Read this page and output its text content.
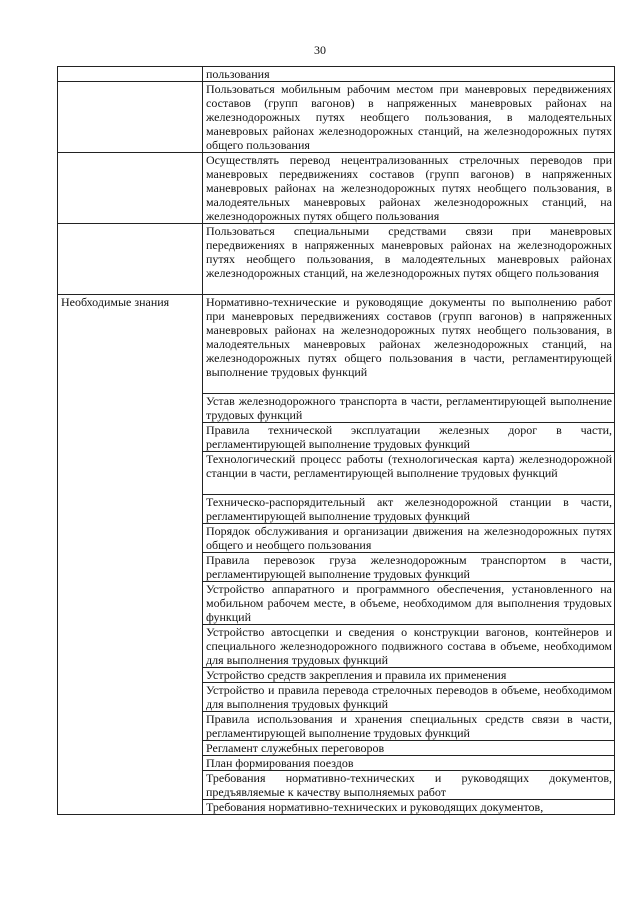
30
	пользования
	Пользоваться мобильным рабочим местом при маневровых передвижениях составов (групп вагонов) в напряженных маневровых районах на железнодорожных путях необщего пользования, в малодеятельных маневровых районах железнодорожных станций, на железнодорожных путях общего пользования
	Осуществлять перевод нецентрализованных стрелочных переводов при маневровых передвижениях составов (групп вагонов) в напряженных маневровых районах на железнодорожных путях необщего пользования, в малодеятельных маневровых районах железнодорожных станций, на железнодорожных путях общего пользования
	Пользоваться специальными средствами связи при маневровых передвижениях в напряженных маневровых районах на железнодорожных путях необщего пользования, в малодеятельных маневровых районах железнодорожных станций, на железнодорожных путях общего пользования
Необходимые знания	Нормативно-технические и руководящие документы по выполнению работ при маневровых передвижениях составов (групп вагонов) в напряженных маневровых районах на железнодорожных путях необщего пользования, в малодеятельных маневровых районах железнодорожных станций, на железнодорожных путях общего пользования в части, регламентирующей выполнение трудовых функций
	Устав железнодорожного транспорта в части, регламентирующей выполнение трудовых функций
	Правила технической эксплуатации железных дорог в части, регламентирующей выполнение трудовых функций
	Технологический процесс работы (технологическая карта) железнодорожной станции в части, регламентирующей выполнение трудовых функций
	Техническо-распорядительный акт железнодорожной станции в части, регламентирующей выполнение трудовых функций
	Порядок обслуживания и организации движения на железнодорожных путях общего и необщего пользования
	Правила перевозок груза железнодорожным транспортом в части, регламентирующей выполнение трудовых функций
	Устройство аппаратного и программного обеспечения, установленного на мобильном рабочем месте, в объеме, необходимом для выполнения трудовых функций
	Устройство автосцепки и сведения о конструкции вагонов, контейнеров и специального железнодорожного подвижного состава в объеме, необходимом для выполнения трудовых функций
	Устройство средств закрепления и правила их применения
	Устройство и правила перевода стрелочных переводов в объеме, необходимом для выполнения трудовых функций
	Правила использования и хранения специальных средств связи в части, регламентирующей выполнение трудовых функций
	Регламент служебных переговоров
	План формирования поездов
	Требования нормативно-технических и руководящих документов, предъявляемые к качеству выполняемых работ
	Требования нормативно-технических и руководящих документов,
